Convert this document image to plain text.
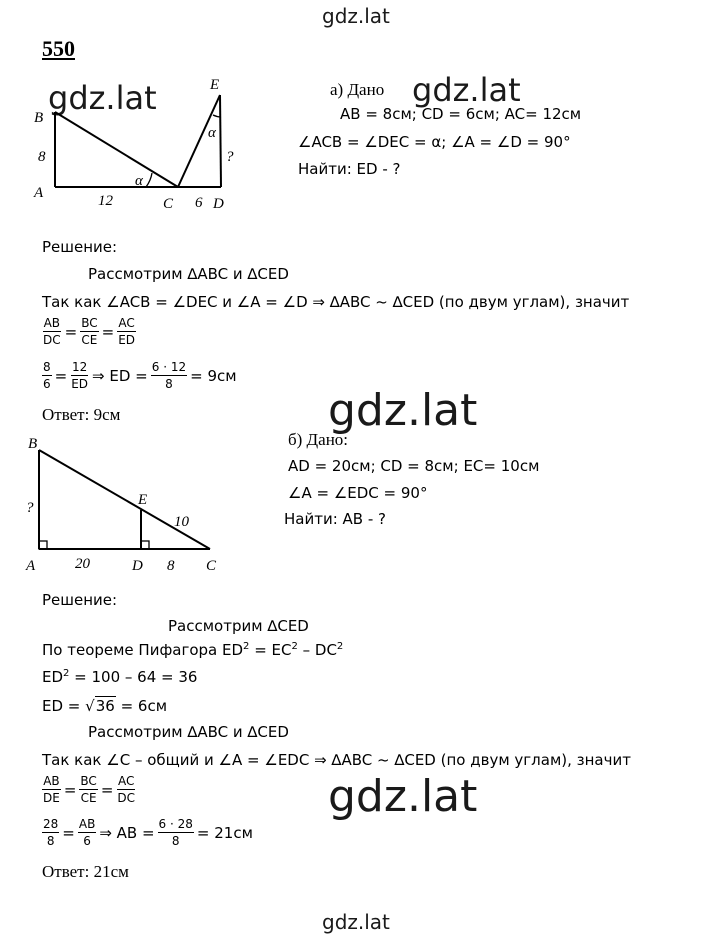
gdz.lat
gdz.lat	gdz.lat
gdz.lat
gdz.lat
gdz.lat
550
B
A
E
C	D
α
α
8
12	6
?
а) Дано
AB = 8см; CD = 6см; AC= 12см
∠ACB = ∠DEC = α; ∠A = ∠D = 90°
Найти: ED - ?
Решение:
Рассмотрим ∆ABC и ∆CED
Так как ∠ACB = ∠DEC и ∠A = ∠D ⇒ ∆ABC ~ ∆CED (по двум углам), значит
$\frac{AB}{DC} = \frac{BC}{CE} = \frac{AC}{ED}$
$\frac{8}{6} = \frac{12}{ED}$ ⇒ ED = $\frac{6 \cdot 12}{8} = 9см$
Ответ: 9см
B
A
E
D	C
?
20	8
10
б) Дано:
AD = 20см; CD = 8см; EC= 10см
∠A = ∠EDC = 90°
Найти: AB - ?
Решение:
Рассмотрим ∆CED
По теореме Пифагора $ED^2 = EC^2 - DC^2$
$ED^2 = 100 - 64 = 36$
ED = √36 = 6см
Рассмотрим ∆ABC и ∆CED
Так как ∠C – общий и ∠A = ∠EDC ⇒ ∆ABC ~ ∆CED (по двум углам), значит
$\frac{AB}{DE} = \frac{BC}{CE} = \frac{AC}{DC}$
$\frac{28}{8} = \frac{AB}{6}$ ⇒ AB = $\frac{6 \cdot 28}{8} = 21см$
Ответ: 21см
